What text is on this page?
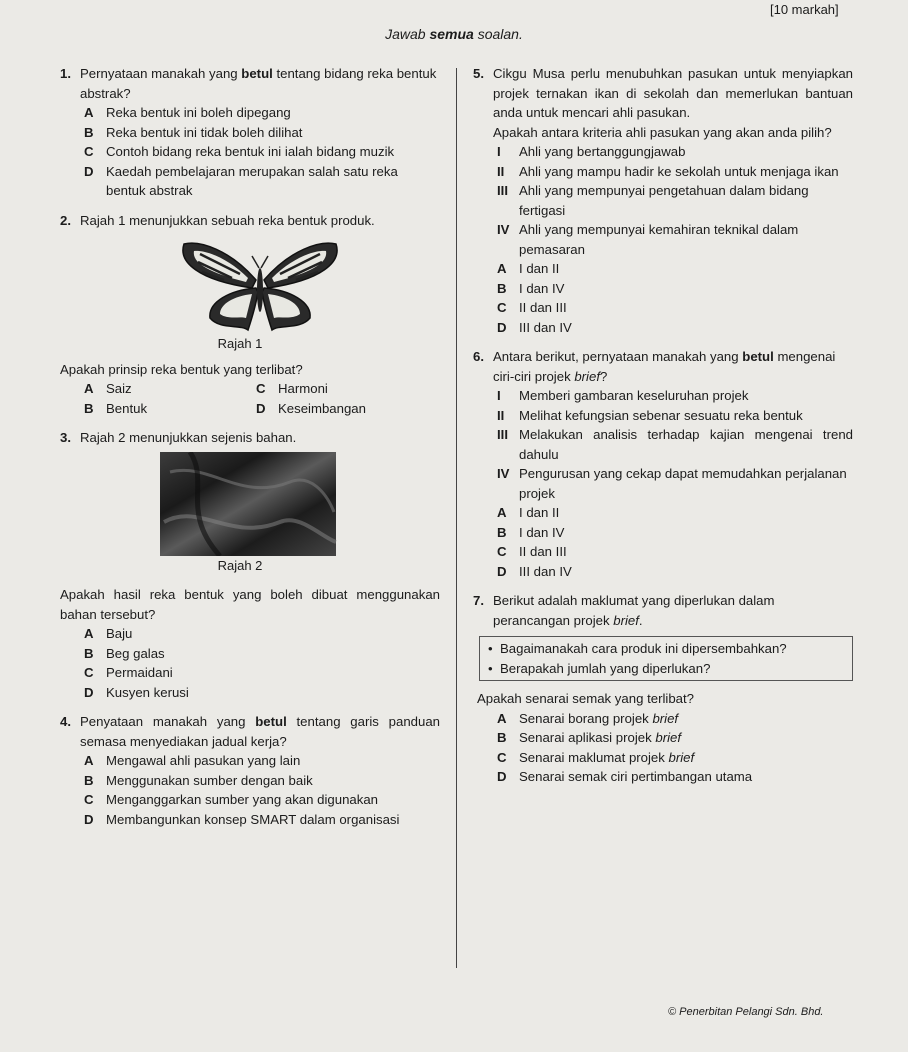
[10 markah]
Jawab semua soalan.
1. Pernyataan manakah yang betul tentang bidang reka bentuk abstrak?
A Reka bentuk ini boleh dipegang
B Reka bentuk ini tidak boleh dilihat
C Contoh bidang reka bentuk ini ialah bidang muzik
D Kaedah pembelajaran merupakan salah satu reka bentuk abstrak
2. Rajah 1 menunjukkan sebuah reka bentuk produk.
Rajah 1
Apakah prinsip reka bentuk yang terlibat?
A Saiz	C Harmoni
B Bentuk	D Keseimbangan
3. Rajah 2 menunjukkan sejenis bahan.
Rajah 2
Apakah hasil reka bentuk yang boleh dibuat menggunakan bahan tersebut?
A Baju
B Beg galas
C Permaidani
D Kusyen kerusi
4. Penyataan manakah yang betul tentang garis panduan semasa menyediakan jadual kerja?
A Mengawal ahli pasukan yang lain
B Menggunakan sumber dengan baik
C Menganggarkan sumber yang akan digunakan
D Membangunkan konsep SMART dalam organisasi
5. Cikgu Musa perlu menubuhkan pasukan untuk menyiapkan projek ternakan ikan di sekolah dan memerlukan bantuan anda untuk mencari ahli pasukan.
Apakah antara kriteria ahli pasukan yang akan anda pilih?
I	Ahli yang bertanggungjawab
II	Ahli yang mampu hadir ke sekolah untuk menjaga ikan
III Ahli yang mempunyai pengetahuan dalam bidang fertigasi
IV Ahli yang mempunyai kemahiran teknikal dalam pemasaran
A I dan II
B I dan IV
C II dan III
D III dan IV
6. Antara berikut, pernyataan manakah yang betul mengenai ciri-ciri projek brief?
I	Memberi gambaran keseluruhan projek
II	Melihat kefungsian sebenar sesuatu reka bentuk
III Melakukan analisis terhadap kajian mengenai trend dahulu
IV Pengurusan yang cekap dapat memudahkan perjalanan projek
A I dan II
B I dan IV
C II dan III
D III dan IV
7. Berikut adalah maklumat yang diperlukan dalam perancangan projek brief.
• Bagaimanakah cara produk ini dipersembahkan?
• Berapakah jumlah yang diperlukan?
Apakah senarai semak yang terlibat?
A Senarai borang projek brief
B Senarai aplikasi projek brief
C Senarai maklumat projek brief
D Senarai semak ciri pertimbangan utama
© Penerbitan Pelangi Sdn. Bhd.
